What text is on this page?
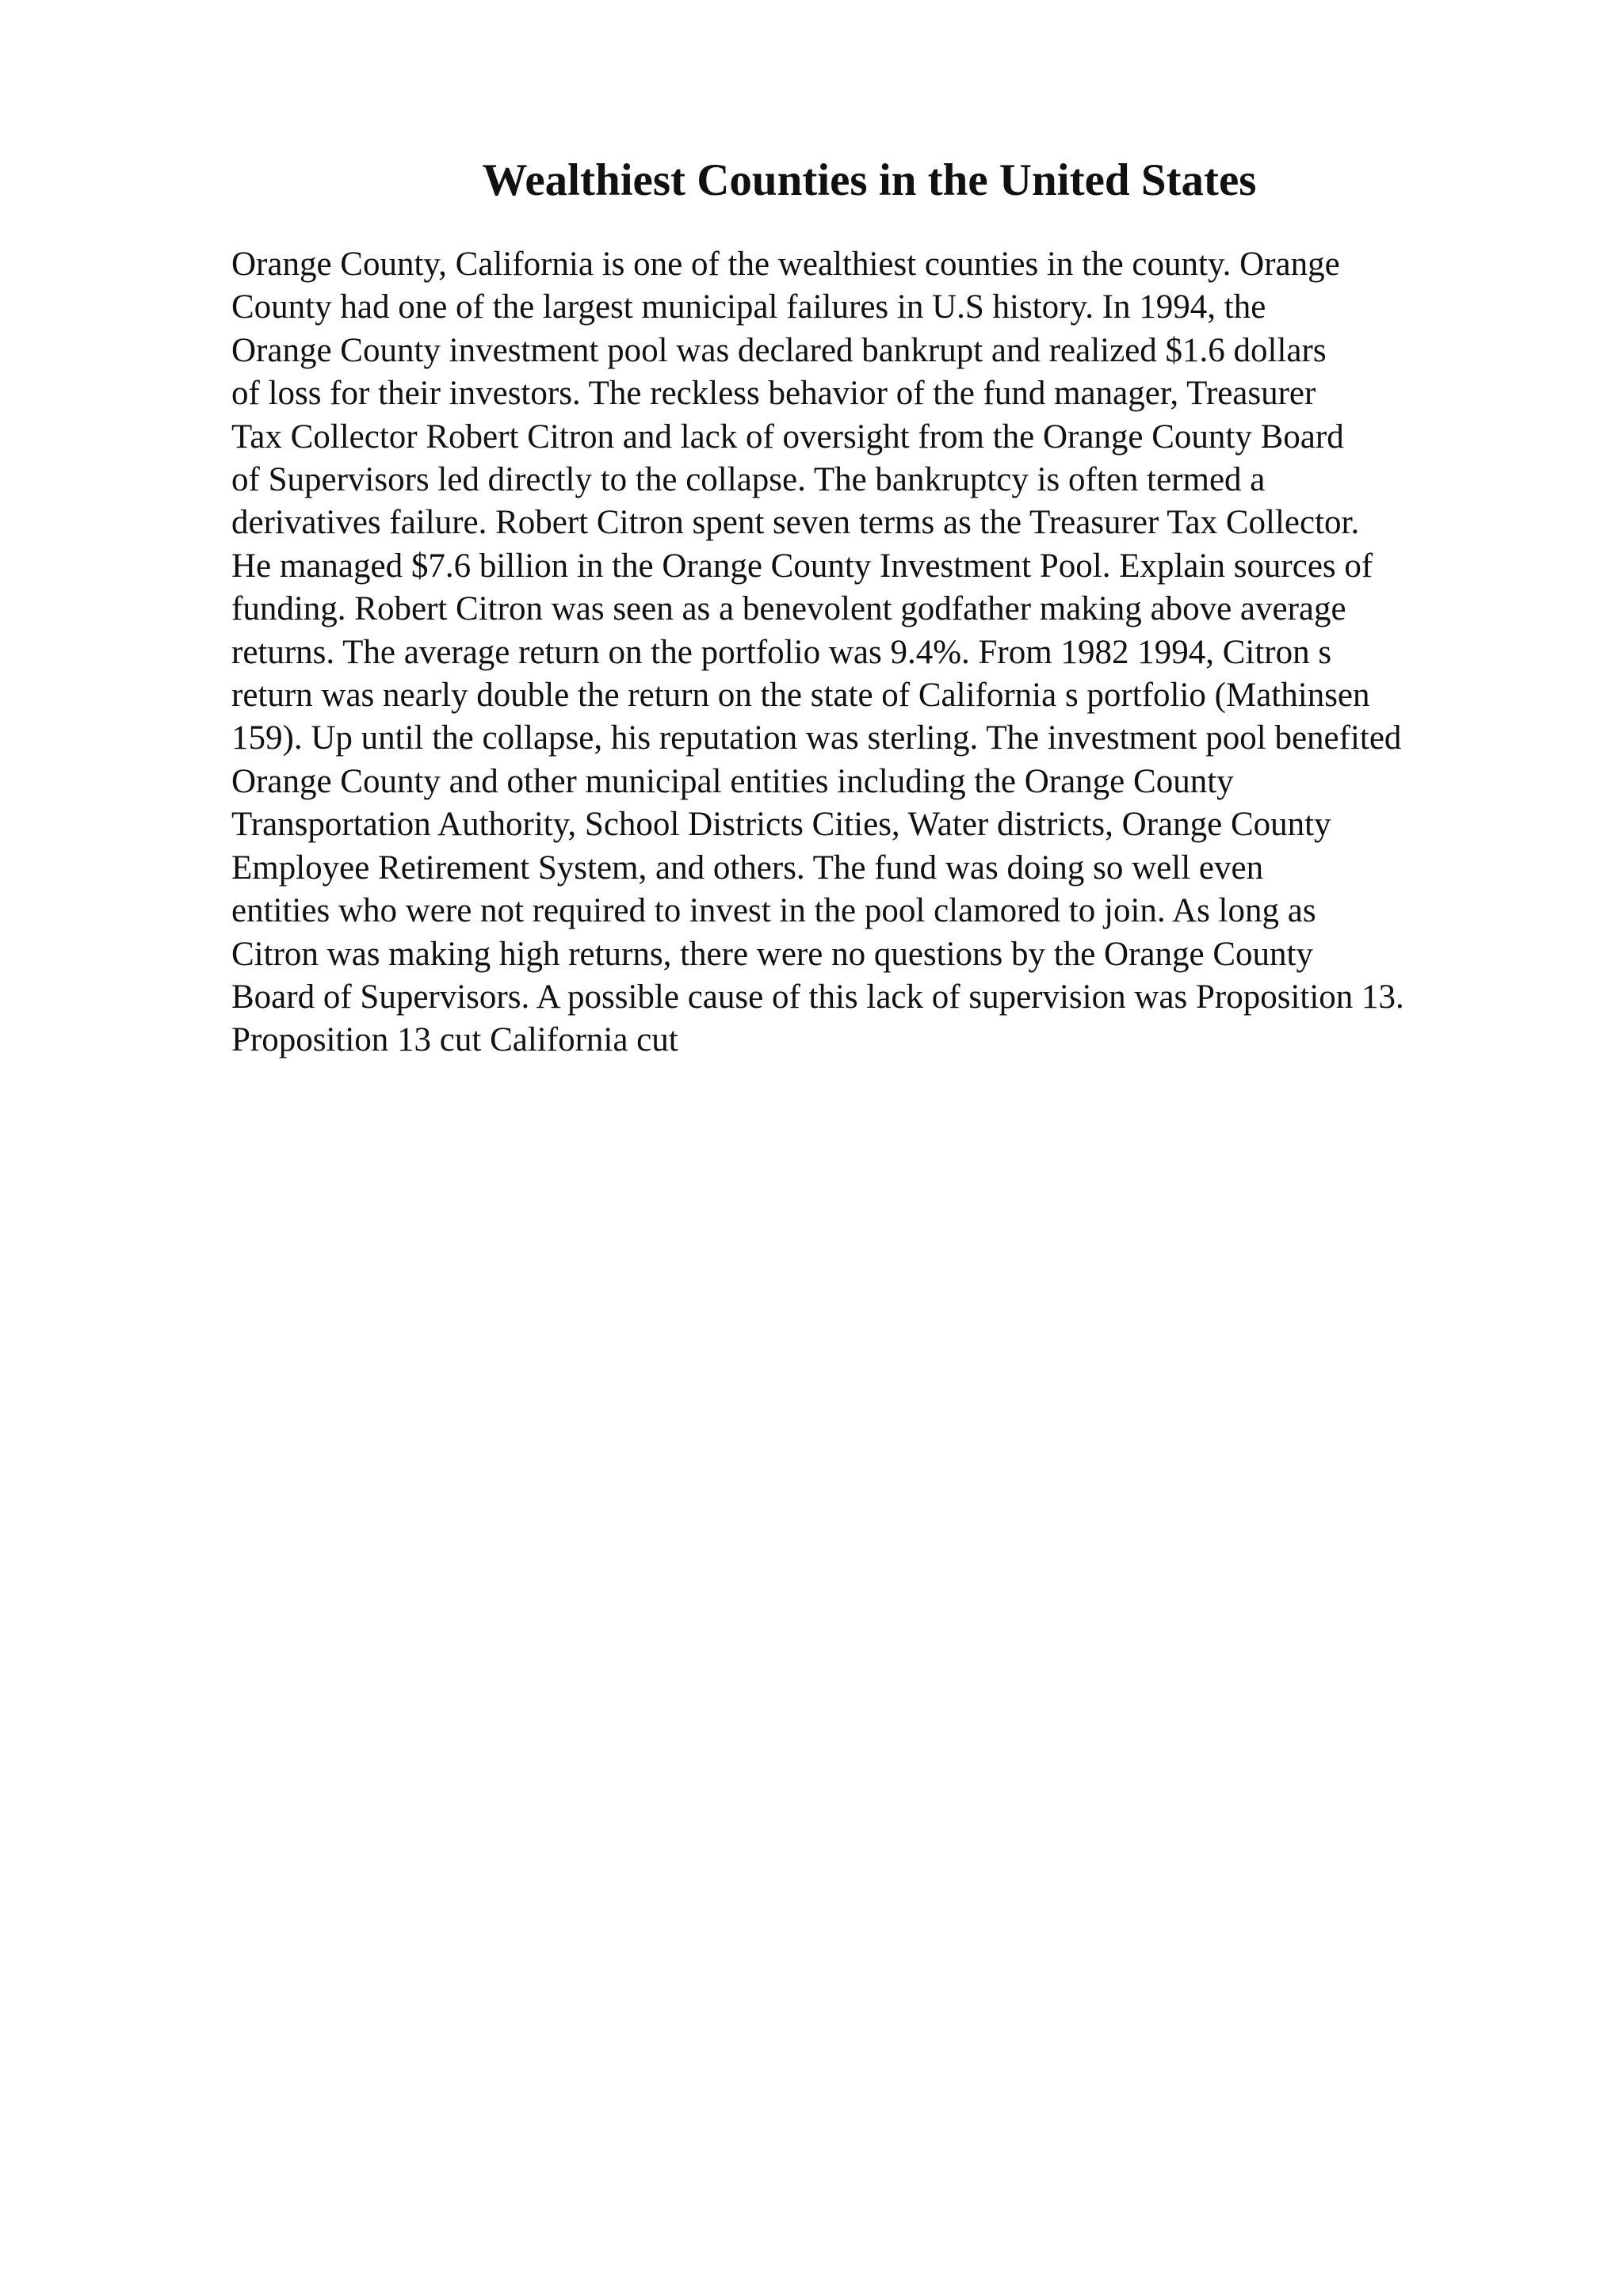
Wealthiest Counties in the United States
Orange County, California is one of the wealthiest counties in the county. Orange
County had one of the largest municipal failures in U.S history. In 1994, the
Orange County investment pool was declared bankrupt and realized $1.6 dollars
of loss for their investors. The reckless behavior of the fund manager, Treasurer
Tax Collector Robert Citron and lack of oversight from the Orange County Board
of Supervisors led directly to the collapse. The bankruptcy is often termed a
derivatives failure. Robert Citron spent seven terms as the Treasurer Tax Collector.
He managed $7.6 billion in the Orange County Investment Pool. Explain sources of
funding. Robert Citron was seen as a benevolent godfather making above average
returns. The average return on the portfolio was 9.4%. From 1982 1994, Citron s
return was nearly double the return on the state of California s portfolio (Mathinsen
159). Up until the collapse, his reputation was sterling. The investment pool benefited
Orange County and other municipal entities including the Orange County
Transportation Authority, School Districts Cities, Water districts, Orange County
Employee Retirement System, and others. The fund was doing so well even
entities who were not required to invest in the pool clamored to join. As long as
Citron was making high returns, there were no questions by the Orange County
Board of Supervisors. A possible cause of this lack of supervision was Proposition 13.
Proposition 13 cut California cut
